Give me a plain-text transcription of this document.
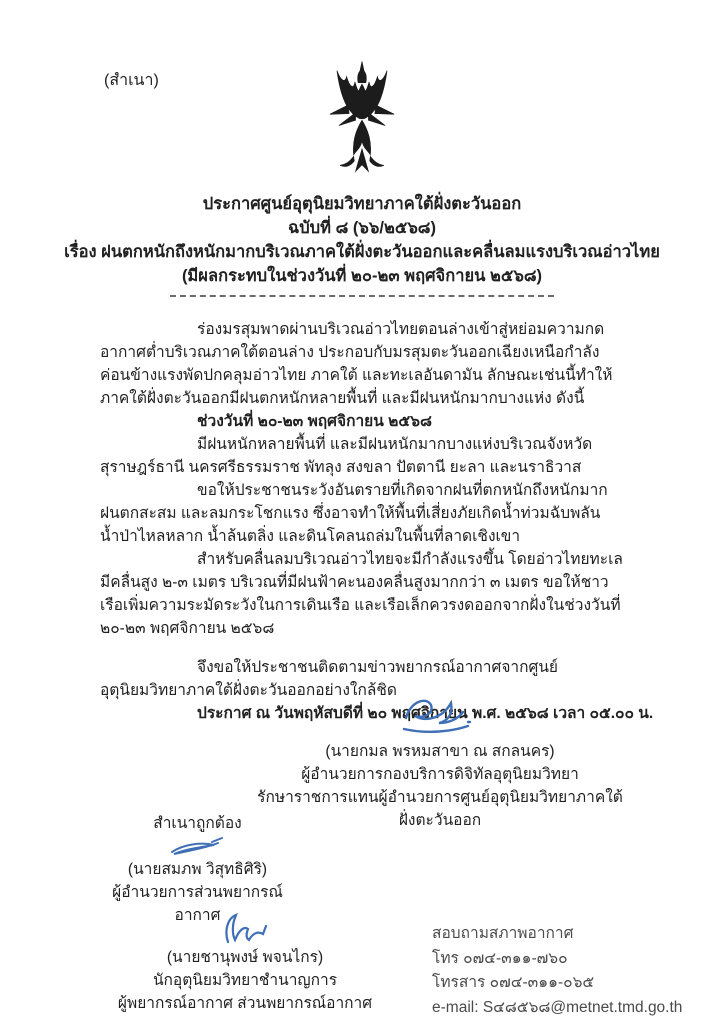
(สำเนา)
ประกาศศูนย์อุตุนิยมวิทยาภาคใต้ฝั่งตะวันออก
ฉบับที่ ๘ (๖๖/๒๕๖๘)
เรื่อง ฝนตกหนักถึงหนักมากบริเวณภาคใต้ฝั่งตะวันออกและคลื่นลมแรงบริเวณอ่าวไทย
(มีผลกระทบในช่วงวันที่ ๒๐-๒๓ พฤศจิกายน ๒๕๖๘)

ร่องมรสุมพาดผ่านบริเวณอ่าวไทยตอนล่างเข้าสู่หย่อมความกดอากาศต่ำบริเวณภาคใต้ตอนล่าง ประกอบกับมรสุมตะวันออกเฉียงเหนือกำลังค่อนข้างแรงพัดปกคลุมอ่าวไทย ภาคใต้ และทะเลอันดามัน ลักษณะเช่นนี้ทำให้ภาคใต้ฝั่งตะวันออกมีฝนตกหนักหลายพื้นที่ และมีฝนหนักมากบางแห่ง ดังนี้

ช่วงวันที่ ๒๐-๒๓ พฤศจิกายน ๒๕๖๘

มีฝนหนักหลายพื้นที่ และมีฝนหนักมากบางแห่งบริเวณจังหวัดสุราษฎร์ธานี นครศรีธรรมราช พัทลุง สงขลา ปัตตานี ยะลา และนราธิวาส

ขอให้ประชาชนระวังอันตรายที่เกิดจากฝนที่ตกหนักถึงหนักมาก ฝนตกสะสม และลมกระโชกแรง ซึ่งอาจทำให้พื้นที่เสี่ยงภัยเกิดน้ำท่วมฉับพลัน น้ำป่าไหลหลาก น้ำล้นตลิ่ง และดินโคลนถล่มในพื้นที่ลาดเชิงเขา

สำหรับคลื่นลมบริเวณอ่าวไทยจะมีกำลังแรงขึ้น โดยอ่าวไทยทะเลมีคลื่นสูง ๒-๓ เมตร บริเวณที่มีฝนฟ้าคะนองคลื่นสูงมากกว่า ๓ เมตร ขอให้ชาวเรือเพิ่มความระมัดระวังในการเดินเรือ และเรือเล็กควรงดออกจากฝั่งในช่วงวันที่ ๒๐-๒๓ พฤศจิกายน ๒๕๖๘

จึงขอให้ประชาชนติดตามข่าวพยากรณ์อากาศจากศูนย์อุตุนิยมวิทยาภาคใต้ฝั่งตะวันออกอย่างใกล้ชิด

ประกาศ ณ วันพฤหัสบดีที่ ๒๐ พฤศจิกายน พ.ศ. ๒๕๖๘ เวลา ๐๕.๐๐ น.

(นายกมล พรหมสาขา ณ สกลนคร)
ผู้อำนวยการกองบริการดิจิทัลอุตุนิยมวิทยา
รักษาราชการแทนผู้อำนวยการศูนย์อุตุนิยมวิทยาภาคใต้ฝั่งตะวันออก
สำเนาถูกต้อง
(นายสมภพ วิสุทธิศิริ)
ผู้อำนวยการส่วนพยากรณ์อากาศ
(นายชานุพงษ์ พจนไกร)
นักอุตุนิยมวิทยาชำนาญการ
ผู้พยากรณ์อากาศ ส่วนพยากรณ์อากาศ
สอบถามสภาพอากาศ
โทร ๐๗๔-๓๑๑-๗๖๐
โทรสาร ๐๗๔-๓๑๑-๐๖๕
e-mail: S๔๘๕๖๘@metnet.tmd.go.th
